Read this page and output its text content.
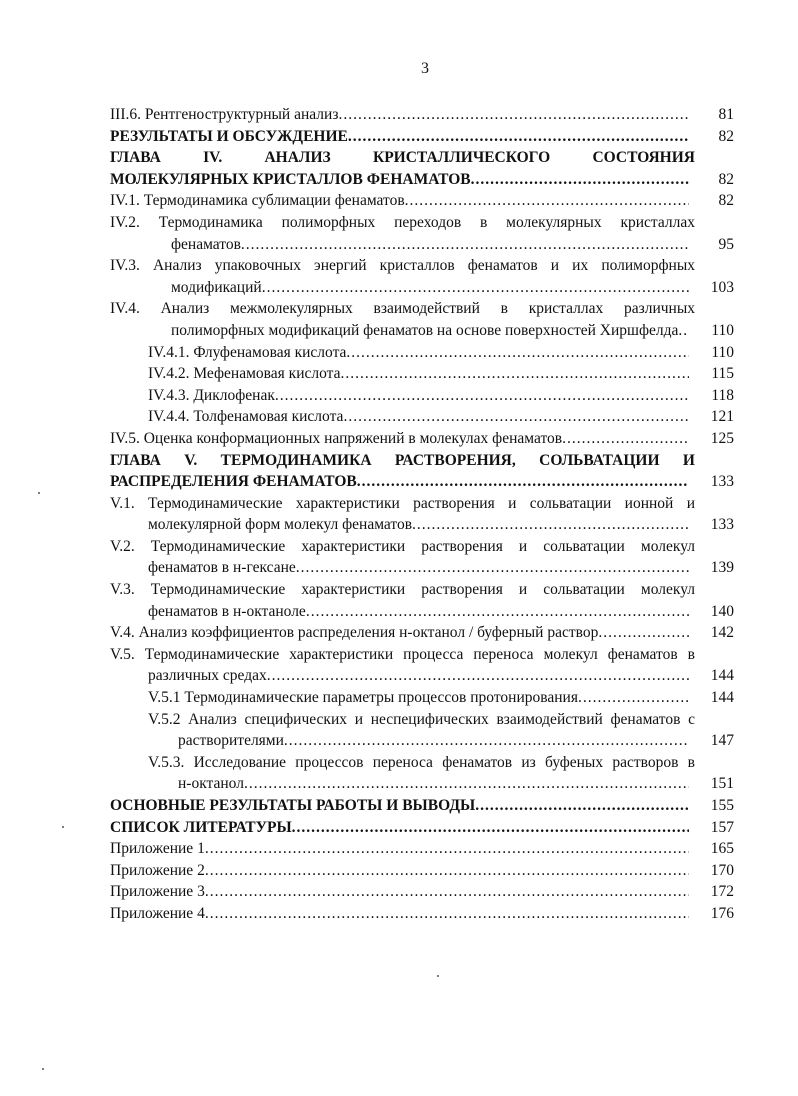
3
III.6. Рентгеноструктурный анализ .....	81
РЕЗУЛЬТАТЫ И ОБСУЖДЕНИЕ .....	82
ГЛАВА IV. АНАЛИЗ КРИСТАЛЛИЧЕСКОГО СОСТОЯНИЯ
МОЛЕКУЛЯРНЫХ КРИСТАЛЛОВ ФЕНАМАТОВ .....	82
IV.1. Термодинамика сублимации фенаматов .....	82
IV.2. Термодинамика полиморфных переходов в молекулярных кристаллах
фенаматов .....	95
IV.3. Анализ упаковочных энергий кристаллов фенаматов и их полиморфных
модификаций .....	103
IV.4. Анализ межмолекулярных взаимодействий в кристаллах различных
полиморфных модификаций фенаматов на основе поверхностей Хиршфелда .....	110
IV.4.1. Флуфенамовая кислота .....	110
IV.4.2. Мефенамовая кислота .....	115
IV.4.3. Диклофенак .....	118
IV.4.4. Толфенамовая кислота .....	121
IV.5. Оценка конформационных напряжений в молекулах фенаматов .....	125
ГЛАВА V. ТЕРМОДИНАМИКА РАСТВОРЕНИЯ, СОЛЬВАТАЦИИ И
РАСПРЕДЕЛЕНИЯ ФЕНАМАТОВ .....	133
V.1. Термодинамические характеристики растворения и сольватации ионной и
молекулярной форм молекул фенаматов .....	133
V.2. Термодинамические характеристики растворения и сольватации молекул
фенаматов в н-гексане .....	139
V.3. Термодинамические характеристики растворения и сольватации молекул
фенаматов в н-октаноле .....	140
V.4. Анализ коэффициентов распределения н-октанол / буферный раствор .....	142
V.5. Термодинамические характеристики процесса переноса молекул фенаматов в
различных средах .....	144
V.5.1 Термодинамические параметры процессов протонирования .....	144
V.5.2 Анализ специфических и неспецифических взаимодействий фенаматов с
растворителями .....	147
V.5.3. Исследование процессов переноса фенаматов из буфеных растворов в
н-октанол .....	151
ОСНОВНЫЕ РЕЗУЛЬТАТЫ РАБОТЫ И ВЫВОДЫ .....	155
СПИСОК ЛИТЕРАТУРЫ .....	157
Приложение 1 .....	165
Приложение 2 .....	170
Приложение 3 .....	172
Приложение 4 .....	176
